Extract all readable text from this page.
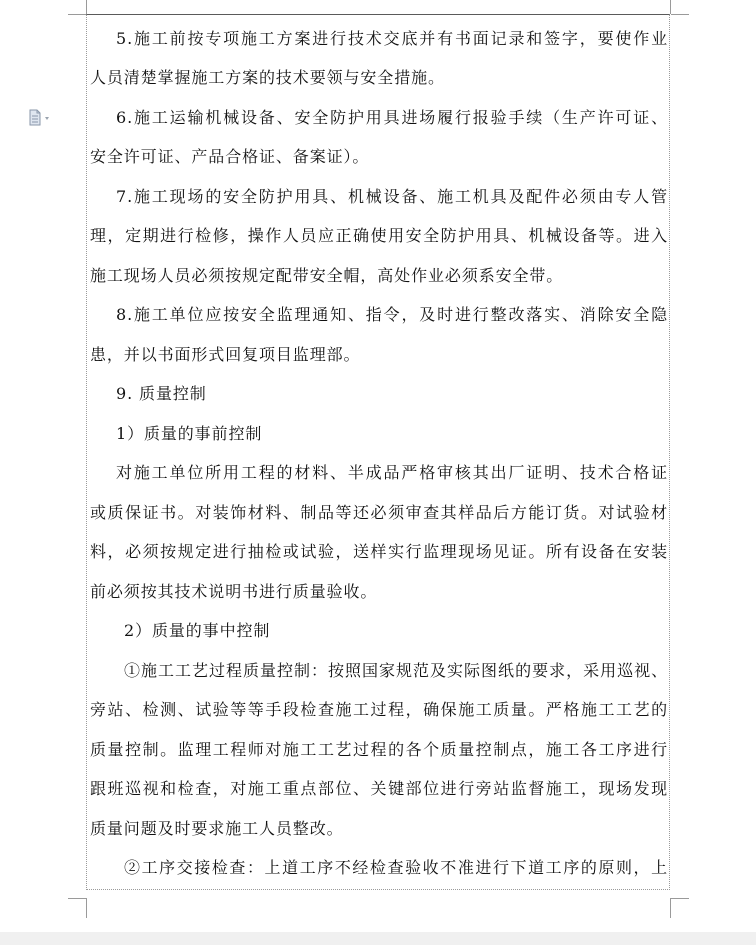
5.施工前按专项施工方案进行技术交底并有书面记录和签字，要使作业
人员清楚掌握施工方案的技术要领与安全措施。
6.施工运输机械设备、安全防护用具进场履行报验手续（生产许可证、
安全许可证、产品合格证、备案证）。
7.施工现场的安全防护用具、机械设备、施工机具及配件必须由专人管
理，定期进行检修，操作人员应正确使用安全防护用具、机械设备等。进入
施工现场人员必须按规定配带安全帽，高处作业必须系安全带。
8.施工单位应按安全监理通知、指令，及时进行整改落实、消除安全隐
患，并以书面形式回复项目监理部。
9. 质量控制
1）质量的事前控制
对施工单位所用工程的材料、半成品严格审核其出厂证明、技术合格证
或质保证书。对装饰材料、制品等还必须审查其样品后方能订货。对试验材
料，必须按规定进行抽检或试验，送样实行监理现场见证。所有设备在安装
前必须按其技术说明书进行质量验收。
2）质量的事中控制
①施工工艺过程质量控制：按照国家规范及实际图纸的要求，采用巡视、
旁站、检测、试验等等手段检查施工过程，确保施工质量。严格施工工艺的
质量控制。监理工程师对施工工艺过程的各个质量控制点，施工各工序进行
跟班巡视和检查，对施工重点部位、关键部位进行旁站监督施工，现场发现
质量问题及时要求施工人员整改。
②工序交接检查：上道工序不经检查验收不准进行下道工序的原则，上
